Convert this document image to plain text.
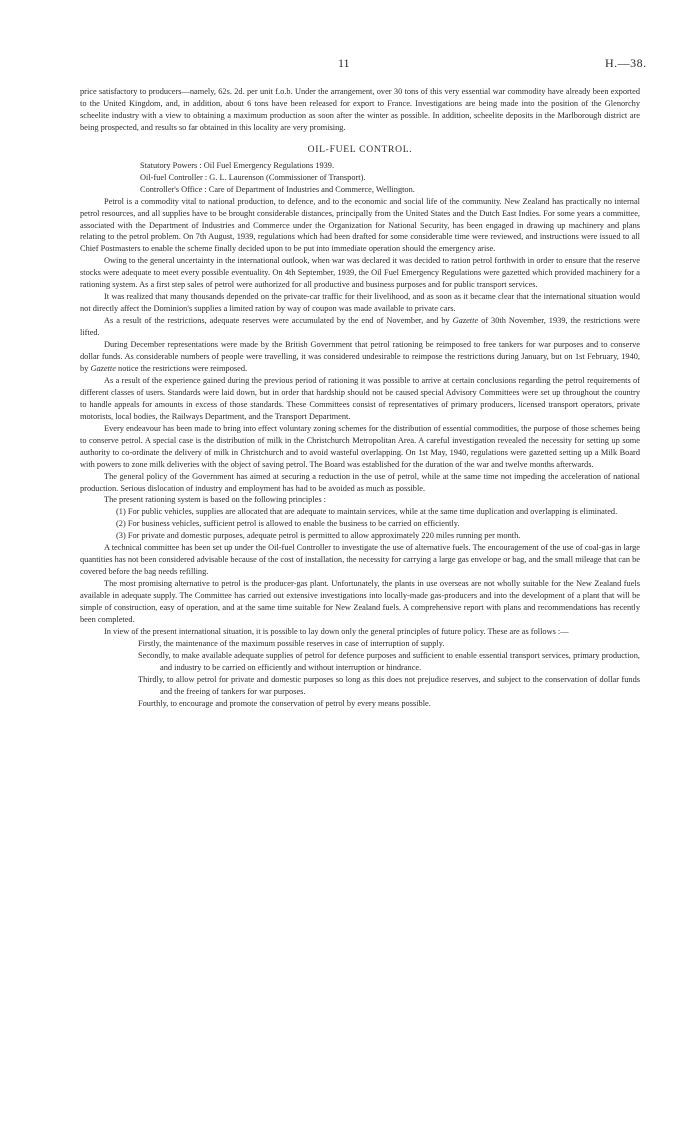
11	H.—38.

price satisfactory to producers—namely, 62s. 2d. per unit f.o.b. Under the arrangement, over 30 tons of this very essential war commodity have already been exported to the United Kingdom, and, in addition, about 6 tons have been released for export to France. Investigations are being made into the position of the Glenorchy scheelite industry with a view to obtaining a maximum production as soon after the winter as possible. In addition, scheelite deposits in the Marlborough district are being prospected, and results so far obtained in this locality are very promising.

OIL-FUEL CONTROL.

Statutory Powers : Oil Fuel Emergency Regulations 1939.

Oil-fuel Controller : G. L. Laurenson (Commissioner of Transport).

Controller's Office : Care of Department of Industries and Commerce, Wellington.

Petrol is a commodity vital to national production, to defence, and to the economic and social life of the community. New Zealand has practically no internal petrol resources, and all supplies have to be brought considerable distances, principally from the United States and the Dutch East Indies. For some years a committee, associated with the Department of Industries and Commerce under the Organization for National Security, has been engaged in drawing up machinery and plans relating to the petrol problem. On 7th August, 1939, regulations which had been drafted for some considerable time were reviewed, and instructions were issued to all Chief Postmasters to enable the scheme finally decided upon to be put into immediate operation should the emergency arise.

Owing to the general uncertainty in the international outlook, when war was declared it was decided to ration petrol forthwith in order to ensure that the reserve stocks were adequate to meet every possible eventuality. On 4th September, 1939, the Oil Fuel Emergency Regulations were gazetted which provided machinery for a rationing system. As a first step sales of petrol were authorized for all productive and business purposes and for public transport services.

It was realized that many thousands depended on the private-car traffic for their livelihood, and as soon as it became clear that the international situation would not directly affect the Dominion's supplies a limited ration by way of coupon was made available to private cars.

As a result of the restrictions, adequate reserves were accumulated by the end of November, and by Gazette of 30th November, 1939, the restrictions were lifted.

During December representations were made by the British Government that petrol rationing be reimposed to free tankers for war purposes and to conserve dollar funds. As considerable numbers of people were travelling, it was considered undesirable to reimpose the restrictions during January, but on 1st February, 1940, by Gazette notice the restrictions were reimposed.

As a result of the experience gained during the previous period of rationing it was possible to arrive at certain conclusions regarding the petrol requirements of different classes of users. Standards were laid down, but in order that hardship should not be caused special Advisory Committees were set up throughout the country to handle appeals for amounts in excess of those standards. These Committees consist of representatives of primary producers, licensed transport operators, private motorists, local bodies, the Railways Department, and the Transport Department.

Every endeavour has been made to bring into effect voluntary zoning schemes for the distribution of essential commodities, the purpose of those schemes being to conserve petrol. A special case is the distribution of milk in the Christchurch Metropolitan Area. A careful investigation revealed the necessity for setting up some authority to co-ordinate the delivery of milk in Christchurch and to avoid wasteful overlapping. On 1st May, 1940, regulations were gazetted setting up a Milk Board with powers to zone milk deliveries with the object of saving petrol. The Board was established for the duration of the war and twelve months afterwards.

The general policy of the Government has aimed at securing a reduction in the use of petrol, while at the same time not impeding the acceleration of national production. Serious dislocation of industry and employment has had to be avoided as much as possible.

The present rationing system is based on the following principles :

(1) For public vehicles, supplies are allocated that are adequate to maintain services, while at the same time duplication and overlapping is eliminated.

(2) For business vehicles, sufficient petrol is allowed to enable the business to be carried on efficiently.

(3) For private and domestic purposes, adequate petrol is permitted to allow approximately 220 miles running per month.

A technical committee has been set up under the Oil-fuel Controller to investigate the use of alternative fuels. The encouragement of the use of coal-gas in large quantities has not been considered advisable because of the cost of installation, the necessity for carrying a large gas envelope or bag, and the small mileage that can be covered before the bag needs refilling.

The most promising alternative to petrol is the producer-gas plant. Unfortunately, the plants in use overseas are not wholly suitable for the New Zealand fuels available in adequate supply. The Committee has carried out extensive investigations into locally-made gas-producers and into the development of a plant that will be simple of construction, easy of operation, and at the same time suitable for New Zealand fuels. A comprehensive report with plans and recommendations has recently been completed.

In view of the present international situation, it is possible to lay down only the general principles of future policy. These are as follows :—

Firstly, the maintenance of the maximum possible reserves in case of interruption of supply.

Secondly, to make available adequate supplies of petrol for defence purposes and sufficient to enable essential transport services, primary production, and industry to be carried on efficiently and without interruption or hindrance.

Thirdly, to allow petrol for private and domestic purposes so long as this does not prejudice reserves, and subject to the conservation of dollar funds and the freeing of tankers for war purposes.

Fourthly, to encourage and promote the conservation of petrol by every means possible.
